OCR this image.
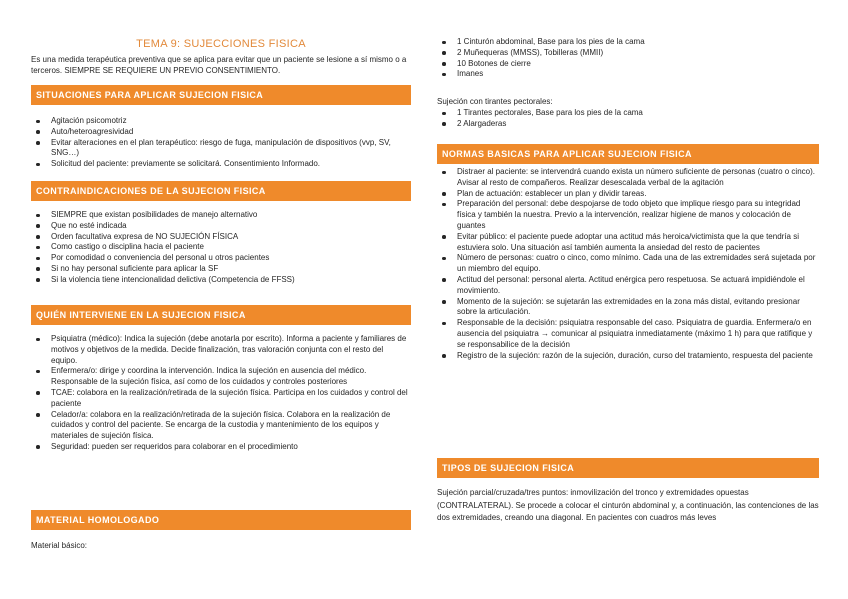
TEMA 9: SUJECCIONES FISICA
Es una medida terapéutica preventiva que se aplica para evitar que un paciente se lesione a sí mismo o a terceros. SIEMPRE SE REQUIERE UN PREVIO CONSENTIMIENTO.
SITUACIONES PARA APLICAR SUJECION FISICA
Agitación psicomotriz
Auto/heteroagresividad
Evitar alteraciones en el plan terapéutico: riesgo de fuga, manipulación de dispositivos (vvp, SV, SNG…)
Solicitud del paciente: previamente se solicitará. Consentimiento Informado.
CONTRAINDICACIONES DE LA SUJECION FISICA
SIEMPRE que existan posibilidades de manejo alternativo
Que no esté indicada
Orden facultativa expresa de NO SUJECIÓN FÍSICA
Como castigo o disciplina hacia el paciente
Por comodidad o conveniencia del personal u otros pacientes
Si no hay personal suficiente para aplicar la SF
Si la violencia tiene intencionalidad delictiva (Competencia de FFSS)
QUIÉN INTERVIENE EN LA SUJECION FISICA
Psiquiatra (médico): Indica la sujeción (debe anotarla por escrito). Informa a paciente y familiares de motivos y objetivos de la medida. Decide finalización, tras valoración conjunta con el resto del equipo.
Enfermera/o: dirige y coordina la intervención. Indica la sujeción en ausencia del médico. Responsable de la sujeción física, así como de los cuidados y controles posteriores
TCAE: colabora en la realización/retirada de la sujeción física. Participa en los cuidados y control del paciente
Celador/a: colabora en la realización/retirada de la sujeción física. Colabora en la realización de cuidados y control del paciente. Se encarga de la custodia y mantenimiento de los equipos y materiales de sujeción física.
Seguridad: pueden ser requeridos para colaborar en el procedimiento
MATERIAL HOMOLOGADO
Material básico:
1 Cinturón abdominal, Base para los pies de la cama
2 Muñequeras (MMSS), Tobilleras (MMII)
10 Botones de cierre
Imanes
Sujeción con tirantes pectorales:
1 Tirantes pectorales, Base para los pies de la cama
2 Alargaderas
NORMAS BASICAS PARA APLICAR SUJECION FISICA
Distraer al paciente: se intervendrá cuando exista un número suficiente de personas (cuatro o cinco). Avisar al resto de compañeros. Realizar desescalada verbal de la agitación
Plan de actuación: establecer un plan y dividir tareas.
Preparación del personal: debe despojarse de todo objeto que implique riesgo para su integridad física y también la nuestra. Previo a la intervención, realizar higiene de manos y colocación de guantes
Evitar público: el paciente puede adoptar una actitud más heroica/victimista que la que tendría si estuviera solo. Una situación así también aumenta la ansiedad del resto de pacientes
Número de personas: cuatro o cinco, como mínimo. Cada una de las extremidades será sujetada por un miembro del equipo.
Actitud del personal: personal alerta. Actitud enérgica pero respetuosa. Se actuará impidiéndole el movimiento.
Momento de la sujeción: se sujetarán las extremidades en la zona más distal, evitando presionar sobre la articulación.
Responsable de la decisión: psiquiatra responsable del caso. Psiquiatra de guardia. Enfermera/o en ausencia del psiquiatra → comunicar al psiquiatra inmediatamente (máximo 1 h) para que ratifique y se responsabilice de la decisión
Registro de la sujeción: razón de la sujeción, duración, curso del tratamiento, respuesta del paciente
TIPOS DE SUJECION FISICA
Sujeción parcial/cruzada/tres puntos: inmovilización del tronco y extremidades opuestas (CONTRALATERAL). Se procede a colocar el cinturón abdominal y, a continuación, las contenciones de las dos extremidades, creando una diagonal. En pacientes con cuadros más leves
